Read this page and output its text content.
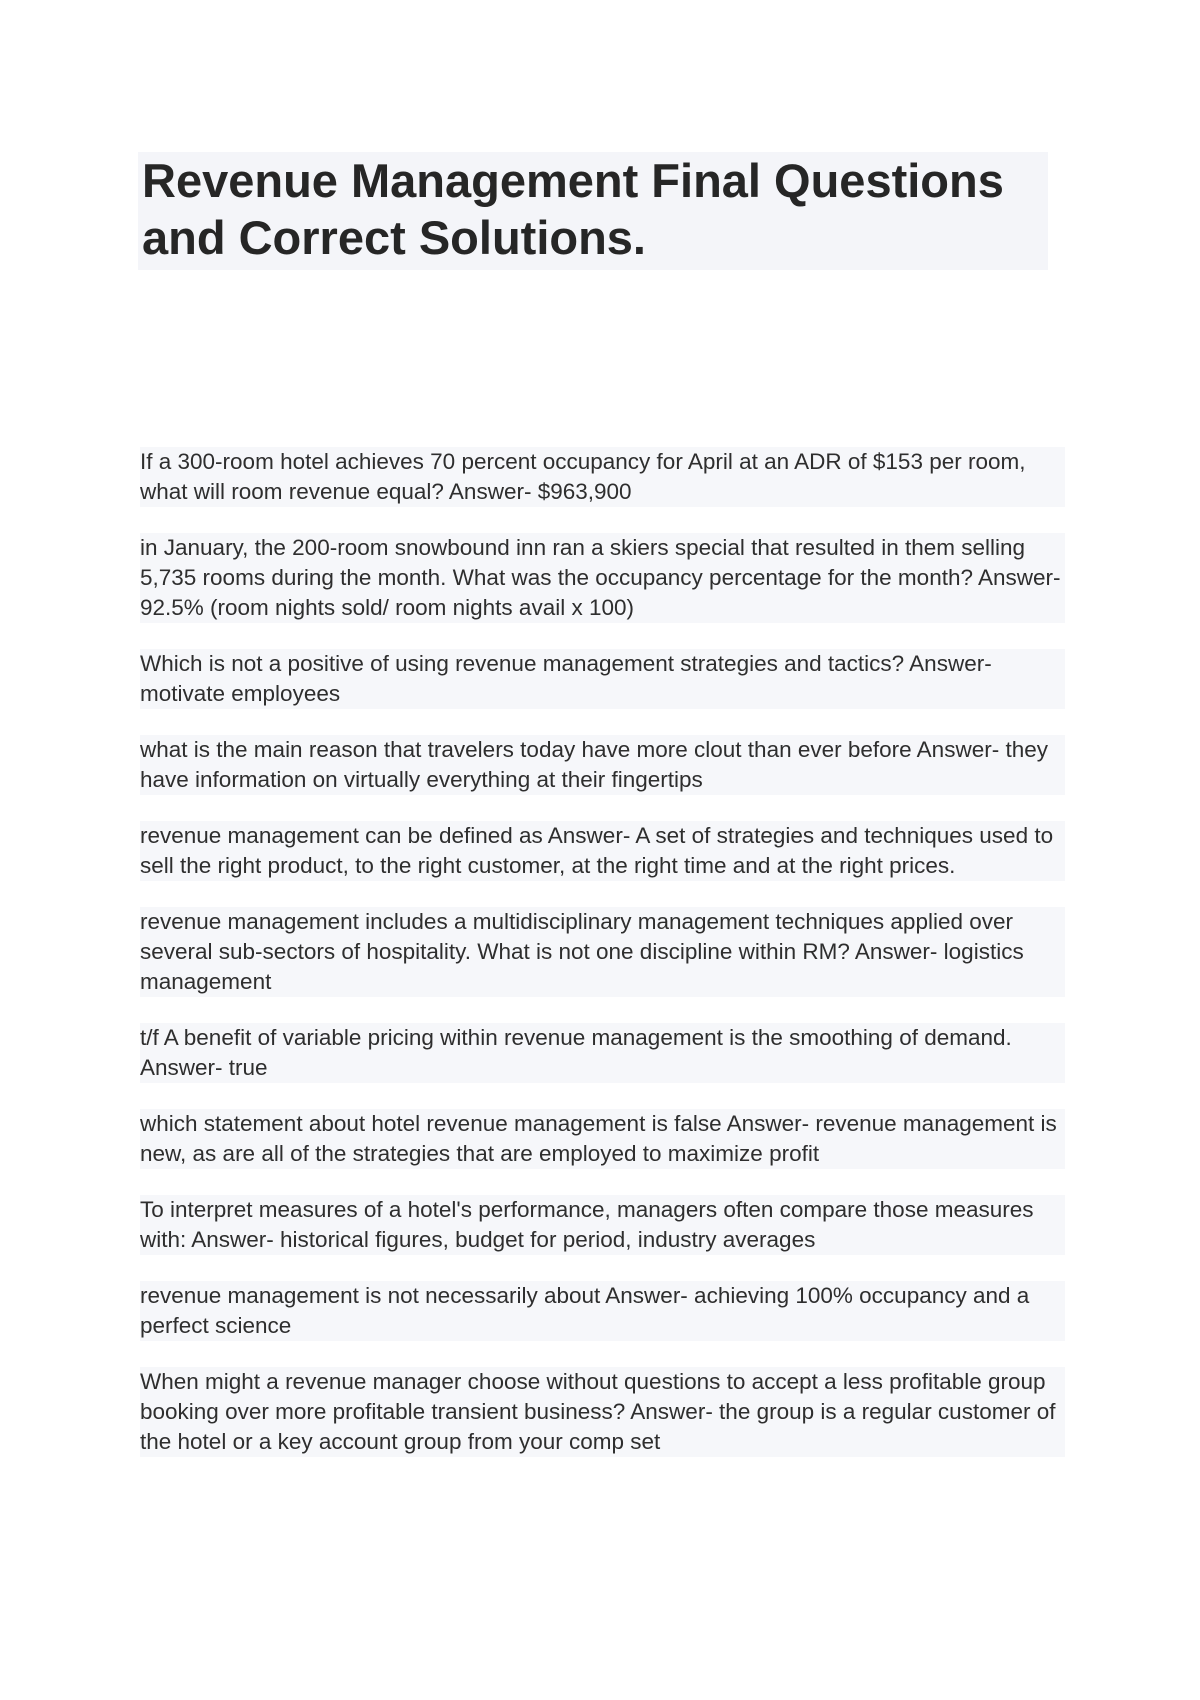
Revenue Management Final Questions and Correct Solutions.

If a 300-room hotel achieves 70 percent occupancy for April at an ADR of $153 per room, what will room revenue equal? Answer- $963,900

in January, the 200-room snowbound inn ran a skiers special that resulted in them selling 5,735 rooms during the month. What was the occupancy percentage for the month? Answer- 92.5% (room nights sold/ room nights avail x 100)

Which is not a positive of using revenue management strategies and tactics? Answer- motivate employees

what is the main reason that travelers today have more clout than ever before Answer- they have information on virtually everything at their fingertips

revenue management can be defined as Answer- A set of strategies and techniques used to sell the right product, to the right customer, at the right time and at the right prices.

revenue management includes a multidisciplinary management techniques applied over several sub-sectors of hospitality. What is not one discipline within RM? Answer- logistics management

t/f A benefit of variable pricing within revenue management is the smoothing of demand. Answer- true

which statement about hotel revenue management is false Answer- revenue management is new, as are all of the strategies that are employed to maximize profit

To interpret measures of a hotel's performance, managers often compare those measures with: Answer- historical figures, budget for period, industry averages

revenue management is not necessarily about Answer- achieving 100% occupancy and a perfect science

When might a revenue manager choose without questions to accept a less profitable group booking over more profitable transient business? Answer- the group is a regular customer of the hotel or a key account group from your comp set
